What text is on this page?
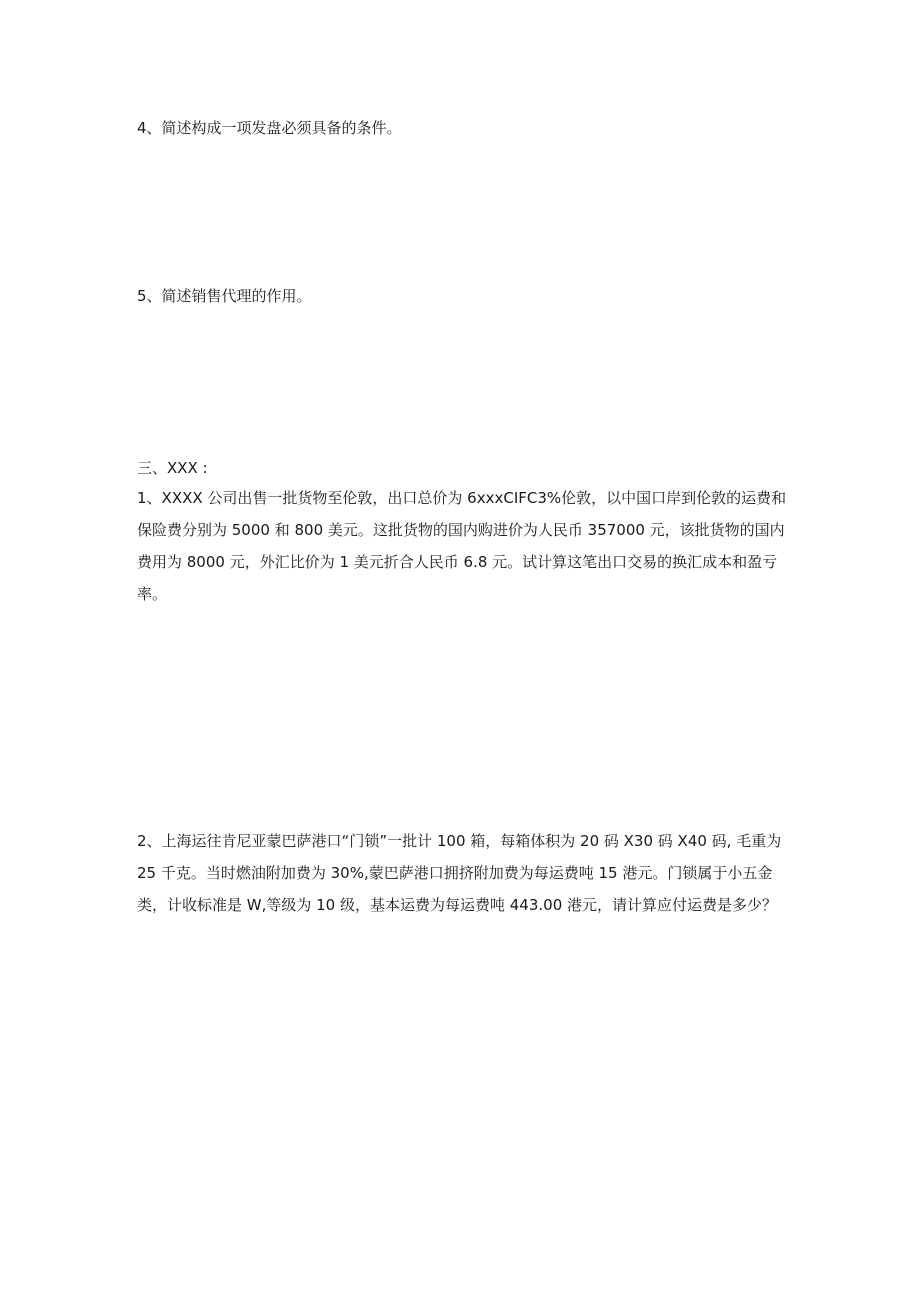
4、简述构成一项发盘必须具备的条件。

5、简述销售代理的作用。

三、XXX :

1、XXXX 公司出售一批货物至伦敦，出口总价为 6xxxCIFC3%伦敦，以中国口岸到伦敦的运费和
保险费分别为 5000 和 800 美元。这批货物的国内购进价为人民币 357000 元，该批货物的国内
费用为 8000 元，外汇比价为 1 美元折合人民币 6.8 元。试计算这笔出口交易的换汇成本和盈亏
率。
2、上海运往肯尼亚蒙巴萨港口“门锁”一批计 100 箱，每箱体积为 20 码 X30 码 X40 码, 毛重为
25 千克。当时燃油附加费为 30%,蒙巴萨港口拥挤附加费为每运费吨 15 港元。门锁属于小五金
类，计收标准是 W,等级为 10 级，基本运费为每运费吨 443.00 港元，请计算应付运费是多少？
